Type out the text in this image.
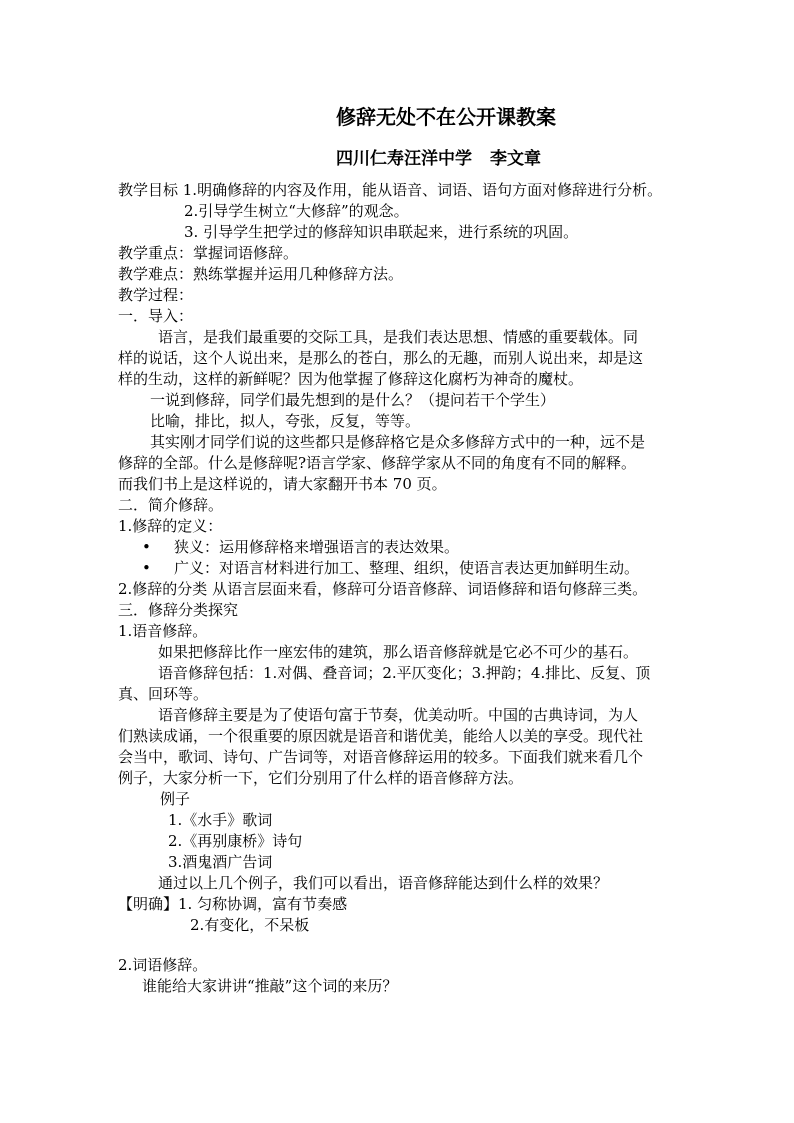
修辞无处不在公开课教案
四川仁寿汪洋中学 李文章
教学目标 1.明确修辞的内容及作用，能从语音、词语、语句方面对修辞进行分析。
2.引导学生树立“大修辞”的观念。
3. 引导学生把学过的修辞知识串联起来，进行系统的巩固。
教学重点：掌握词语修辞。
教学难点：熟练掌握并运用几种修辞方法。
教学过程：
一．导入：
语言，是我们最重要的交际工具，是我们表达思想、情感的重要载体。同
样的说话，这个人说出来，是那么的苍白，那么的无趣，而别人说出来，却是这
样的生动，这样的新鲜呢？因为他掌握了修辞这化腐朽为神奇的魔杖。
一说到修辞，同学们最先想到的是什么？（提问若干个学生）
比喻，排比，拟人，夸张，反复，等等。
其实刚才同学们说的这些都只是修辞格它是众多修辞方式中的一种，远不是
修辞的全部。什么是修辞呢?语言学家、修辞学家从不同的角度有不同的解释。
而我们书上是这样说的，请大家翻开书本 70 页。
二．简介修辞。
1.修辞的定义：
• 狭义：运用修辞格来增强语言的表达效果。
• 广义：对语言材料进行加工、整理、组织，使语言表达更加鲜明生动。
2.修辞的分类 从语言层面来看，修辞可分语音修辞、词语修辞和语句修辞三类。
三．修辞分类探究
1.语音修辞。
如果把修辞比作一座宏伟的建筑，那么语音修辞就是它必不可少的基石。
语音修辞包括：1.对偶、叠音词；2.平仄变化；3.押韵；4.排比、反复、顶
真、回环等。
语音修辞主要是为了使语句富于节奏，优美动听。中国的古典诗词，为人
们熟读成诵，一个很重要的原因就是语音和谐优美，能给人以美的享受。现代社
会当中，歌词、诗句、广告词等，对语音修辞运用的较多。下面我们就来看几个
例子，大家分析一下，它们分别用了什么样的语音修辞方法。
例子
1.《水手》歌词
2.《再别康桥》诗句
3.酒鬼酒广告词
通过以上几个例子，我们可以看出，语音修辞能达到什么样的效果？
【明确】1. 匀称协调，富有节奏感
2.有变化，不呆板
2.词语修辞。
谁能给大家讲讲“推敲”这个词的来历？
